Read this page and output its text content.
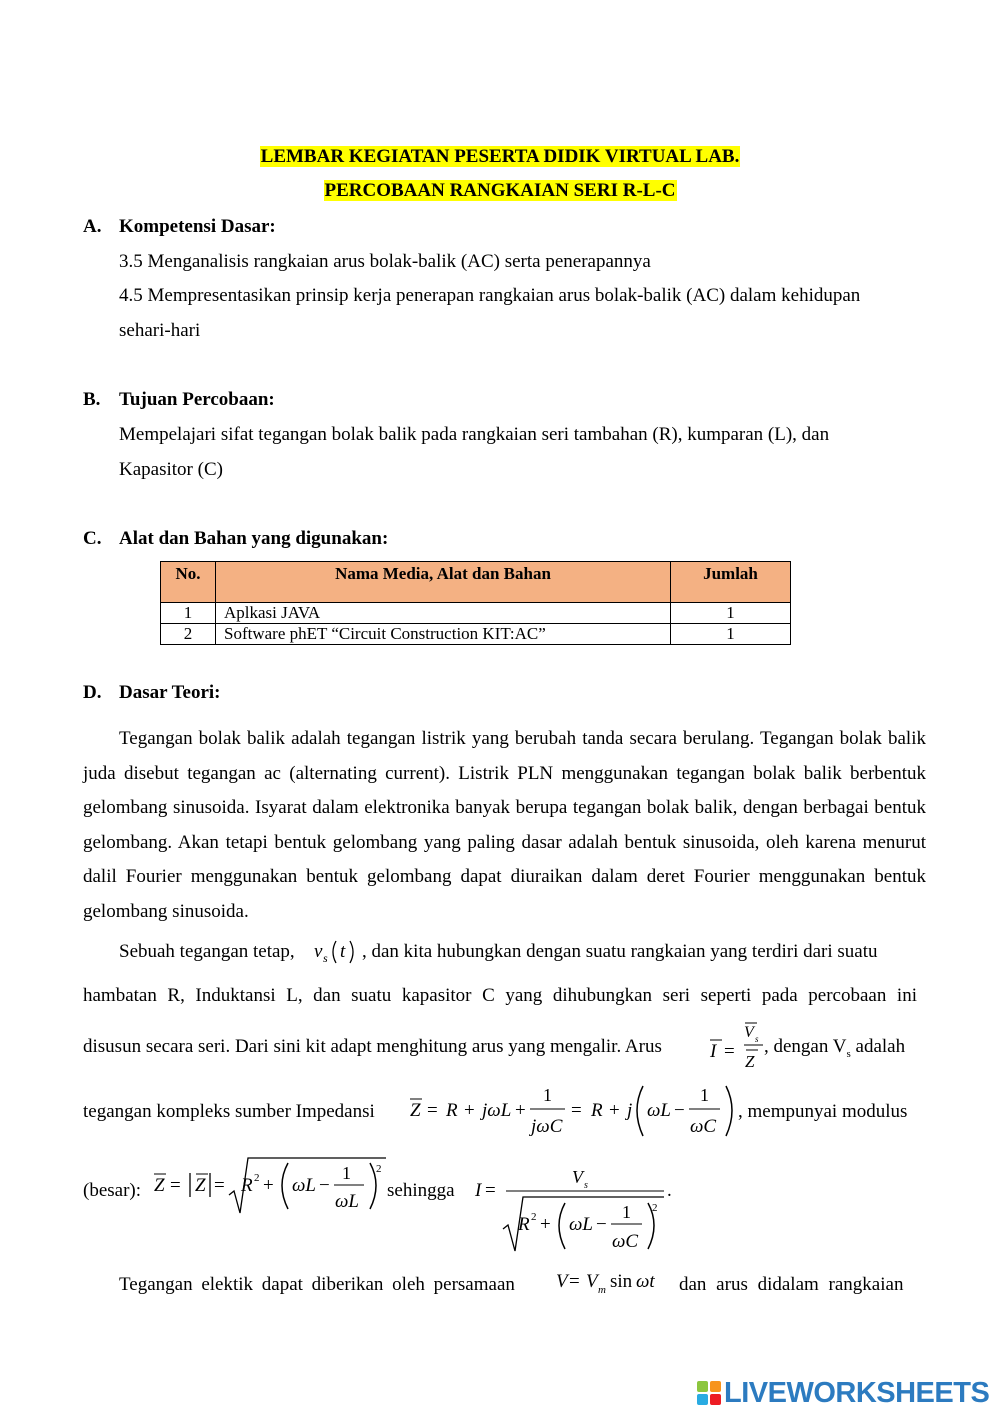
LEMBAR KEGIATAN PESERTA DIDIK VIRTUAL LAB.
PERCOBAAN RANGKAIAN SERI R-L-C
A. Kompetensi Dasar:
3.5 Menganalisis rangkaian arus bolak-balik (AC) serta penerapannya
4.5 Mempresentasikan prinsip kerja penerapan rangkaian arus bolak-balik (AC) dalam kehidupan
sehari-hari
B. Tujuan Percobaan:
Mempelajari sifat tegangan bolak balik pada rangkaian seri tambahan (R), kumparan (L), dan
Kapasitor (C)
C. Alat dan Bahan yang digunakan:
No.	Nama Media, Alat dan Bahan	Jumlah
1	Aplkasi JAVA	1
2	Software phET “Circuit Construction KIT:AC”	1
D. Dasar Teori:

Tegangan bolak balik adalah tegangan listrik yang berubah tanda secara berulang. Tegangan bolak balik juda disebut tegangan ac (alternating current). Listrik PLN menggunakan tegangan bolak balik berbentuk gelombang sinusoida. Isyarat dalam elektronika banyak berupa tegangan bolak balik, dengan berbagai bentuk gelombang. Akan tetapi bentuk gelombang yang paling dasar adalah bentuk sinusoida, oleh karena menurut dalil Fourier menggunakan bentuk gelombang dapat diuraikan dalam deret Fourier menggunakan bentuk gelombang sinusoida.

Sebuah tegangan tetap, v s t , dan kita hubungkan dengan suatu rangkaian yang terdiri dari suatu
hambatan R, Induktansi L, dan suatu kapasitor C yang dihubungkan seri seperti pada percobaan ini
disusun secara seri. Dari sini kit adapt menghitung arus yang mengalir. Arus	I =
V s
Z
, dengan $V_s$ adalah
tegangan kompleks sumber Impedansi Z = R + jωL +
1
jωC
= R + j ωL −
1
ωC
, mempunyai modulus
(besar): Z = Z = R 2 + ωL −
1
ωL
2
sehingga I =
V s
R 2 + ωL −
1
ωC
2
.
Tegangan elektik dapat diberikan oleh persamaan V = V m sin ωt dan arus didalam rangkaian
LIVEWORKSHEETS
